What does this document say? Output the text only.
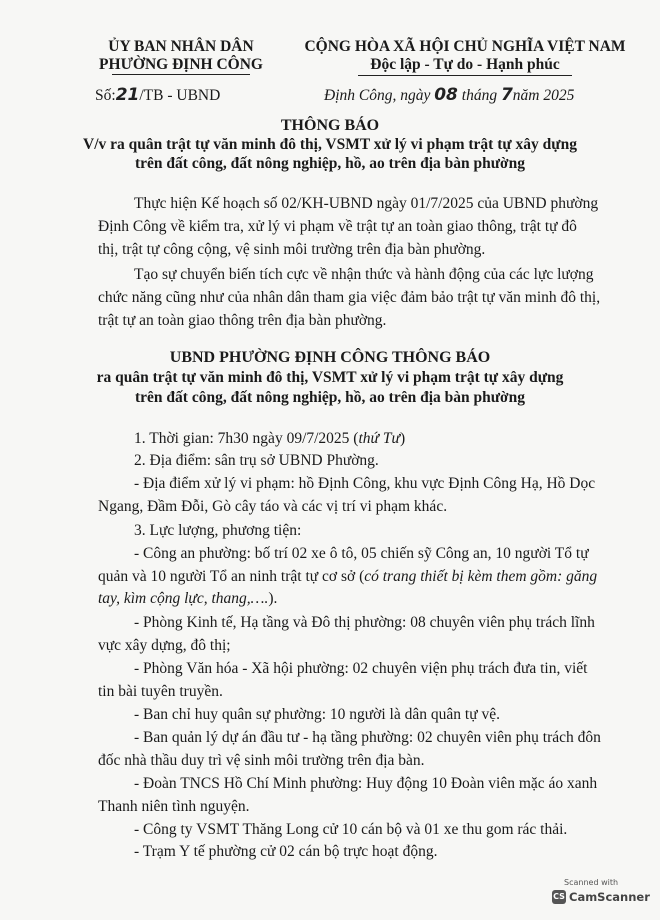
ỦY BAN NHÂN DÂN
PHƯỜNG ĐỊNH CÔNG
Số:21/TB - UBND
CỘNG HÒA XÃ HỘI CHỦ NGHĨA VIỆT NAM
Độc lập - Tự do - Hạnh phúc
Định Công, ngày 08 tháng 7năm 2025
THÔNG BÁO
V/v ra quân trật tự văn minh đô thị, VSMT xử lý vi phạm trật tự xây dựng
trên đất công, đất nông nghiệp, hồ, ao trên địa bàn phường
Thực hiện Kế hoạch số 02/KH-UBND ngày 01/7/2025 của UBND phường
Định Công về kiểm tra, xử lý vi phạm về trật tự an toàn giao thông, trật tự đô
thị, trật tự công cộng, vệ sinh môi trường trên địa bàn phường.
Tạo sự chuyển biến tích cực về nhận thức và hành động của các lực lượng
chức năng cũng như của nhân dân tham gia việc đảm bảo trật tự văn minh đô thị,
trật tự an toàn giao thông trên địa bàn phường.
UBND PHƯỜNG ĐỊNH CÔNG THÔNG BÁO
ra quân trật tự văn minh đô thị, VSMT xử lý vi phạm trật tự xây dựng
trên đất công, đất nông nghiệp, hồ, ao trên địa bàn phường
1. Thời gian: 7h30 ngày 09/7/2025 (thứ Tư)
2. Địa điểm: sân trụ sở UBND Phường.
- Địa điểm xử lý vi phạm: hồ Định Công, khu vực Định Công Hạ, Hồ Dọc
Ngang, Đầm Đỗi, Gò cây táo và các vị trí vi phạm khác.
3. Lực lượng, phương tiện:
- Công an phường: bố trí 02 xe ô tô, 05 chiến sỹ Công an, 10 người Tổ tự
quản và 10 người Tổ an ninh trật tự cơ sở (có trang thiết bị kèm them gồm: găng
tay, kìm cộng lực, thang,….).
- Phòng Kinh tế, Hạ tầng và Đô thị phường: 08 chuyên viên phụ trách lĩnh
vực xây dựng, đô thị;
- Phòng Văn hóa - Xã hội phường: 02 chuyên viện phụ trách đưa tin, viết
tin bài tuyên truyền.
- Ban chỉ huy quân sự phường: 10 người là dân quân tự vệ.
- Ban quản lý dự án đầu tư - hạ tầng phường: 02 chuyên viên phụ trách đôn
đốc nhà thầu duy trì vệ sinh môi trường trên địa bàn.
- Đoàn TNCS Hồ Chí Minh phường: Huy động 10 Đoàn viên mặc áo xanh
Thanh niên tình nguyện.
- Công ty VSMT Thăng Long cử 10 cán bộ và 01 xe thu gom rác thải.
- Trạm Y tế phường cử 02 cán bộ trực hoạt động.
Scanned with
CS CamScanner
